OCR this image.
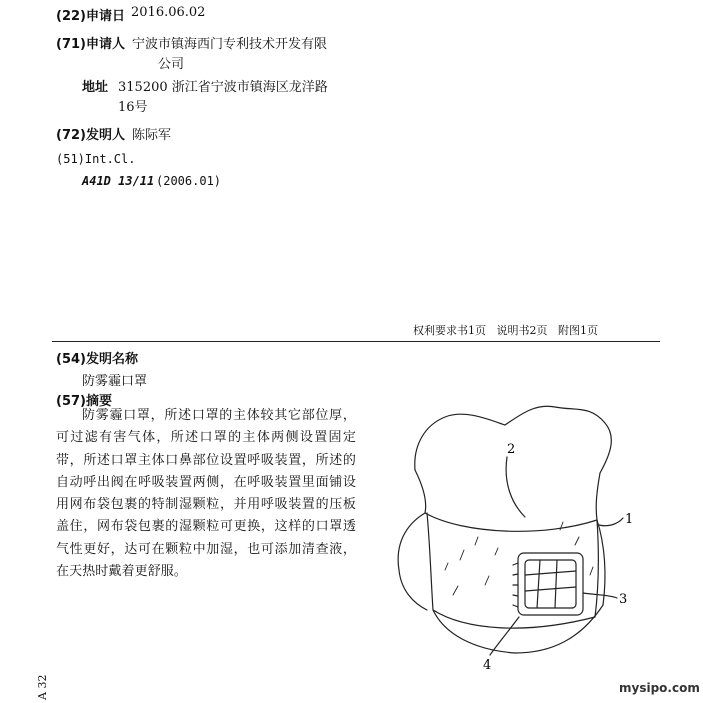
(22)申请日 2016.06.02
(71)申请人 宁波市镇海西门专利技术开发有限
公司
地址 315200 浙江省宁波市镇海区龙洋路
16号
(72)发明人 陈际军
(51)Int.Cl.
A41D 13/11 (2006.01)
权利要求书1页   说明书2页   附图1页
(54)发明名称
防雾霾口罩
(57)摘要
防雾霾口罩，所述口罩的主体较其它部位厚，可过滤有害气体，所述口罩的主体两侧设置固定带，所述口罩主体口鼻部位设置呼吸装置，所述的自动呼出阀在呼吸装置两侧，在呼吸装置里面铺设用网布袋包裹的特制湿颗粒，并用呼吸装置的压板盖住，网布袋包裹的湿颗粒可更换，这样的口罩透气性更好，达可在颗粒中加湿，也可添加清查液，在天热时戴着更舒服。
2
1
3
4
mysipo.com
A 32
